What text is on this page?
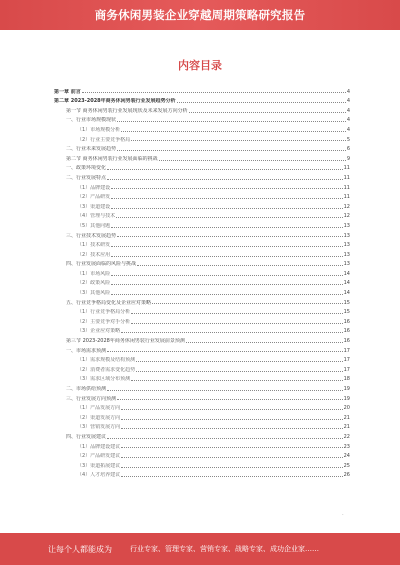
商务休闲男装企业穿越周期策略研究报告
内容目录
第一章 前言	4
第二章 2023-2028年商务休闲男装行业发展趋势分析	4
第一节 商务休闲男装行业发展现状及未来发展方向分析	4
一、行业市场规模现状	4
（1）市场规模分析	4
（2）行业主要竞争格局	5
二、行业未来发展趋势	6
第二节 商务休闲男装行业发展面临的挑战	9
一、政策环境变化	11
二、行业发展特点	11
（1）品牌建设	11
（2）产品研发	11
（3）渠道建设	12
（4）管理与技术	12
（5）其他问题	13
三、行业技术发展趋势	13
（1）技术研发	13
（2）技术应用	13
四、行业发展面临的风险与挑战	13
（1）市场风险	14
（2）政策风险	14
（3）其他风险	14
五、行业竞争格局变化及企业应对策略	15
（1）行业竞争格局分析	15
（2）主要竞争对手分析	16
（3）企业应对策略	16
第三节 2023-2028年商务休闲男装行业发展前景预测	16
一、市场需求预测	17
（1）需求规模及结构预测	17
（2）消费者需求变化趋势	17
（3）需求区域分布预测	18
二、市场供给预测	19
三、行业发展方向预测	19
（1）产品发展方向	20
（2）渠道发展方向	21
（3）营销发展方向	21
四、行业发展建议	22
（1）品牌建设建议	23
（2）产品研发建议	24
（3）渠道拓展建议	25
（4）人才培养建议	26
-
让每个人都能成为	行业专家、管理专家、营销专家、战略专家、成功企业家……
